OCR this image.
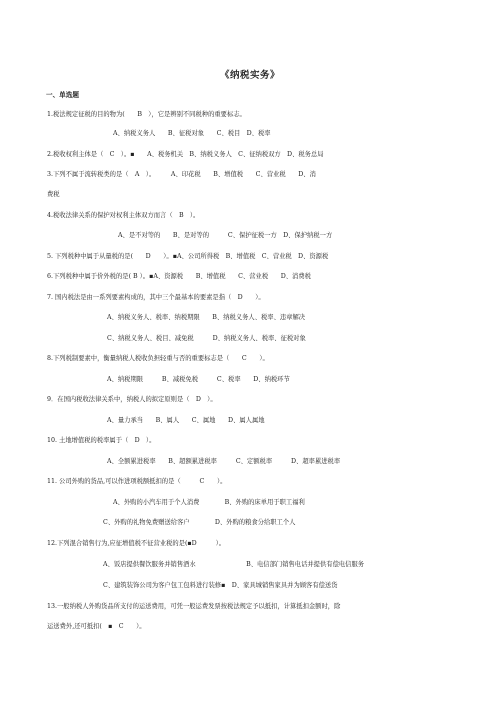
《纳税实务》
一、单选题
1.税法规定征税的目的物为(　　B　），它是辨别不同税种的重要标志。
A、纳税义务人　　B、征税对象　　C、税目　D、税率
2.税收权利主体是（　C　）。▪　　A、税务机关　B、纳税义务人　C、征纳税双方　D、税务总局
3.下列不属于流转税类的是（　A　）。　　　A、印花税　　B、增值税　　C、营业税　　D、消
费税
4.税收法律关系的保护对权利主体双方而言（　B　）。
A、是不对等的　　B、是对等的　　　C、保护征税一方　D、保护纳税一方
5. 下列税种中属于从量税的是(　　D　　）。▪A、公司所得税　B、增值税　C、营业税　D、资源税
6.下列税种中属于价外税的是( B ）。▪A、资源税　　B、增值税　　C、营业税　　D、消费税
7. 国内税法是由一系列要素构成的，其中三个最基本的要素是指（　D　　）。
A、纳税义务人、税率、纳税期限　　B、纳税义务人、税率、违章解决
C、纳税义务人、税目、减免税　　　D、纳税义务人、税率、征税对象
8.下列税制要素中，衡量纳税人税收负担轻重与否的重要标志是（　　C　　）。
A、纳税期限　　　B、减税免税　　　C、税率　　D、纳税环节
9．在国内税收法律关系中，纳税人的拟定原则是（　D　）。
A、量力承当　　B、属人　　C、属地　　D、属人属地
10. 土地增值税的税率属于（　D　）。
A、全额累进税率　　B、超额累进税率　　　C、定额税率　　　D、超率累进税率
11. 公司外购的货品,可以作进项税额抵扣的是（　　　C　　）。
A、外购的小汽车用于个人消费　　　　B、外购的床单用于职工福利
C、外购的礼物免费赠送给客户　　　　D、外购的粮食分给职工个人
12.下列混合销售行为,应征增值税不征营业税的是(▪D　　　）。
A、饭店提供餐饮服务并销售酒水　　　　　　　　B、电信部门销售电话并提供有偿电信服务
C、建筑装饰公司为客户包工包料进行装修▪　D、家具城销售家具并为顾客有偿送货
13.一般纳税人外购货品所支付的运送费用，可凭一般运费发票按税法规定予以抵扣，计算抵扣金额时，除
运送费外,还可抵扣(　▪　C　　）。
